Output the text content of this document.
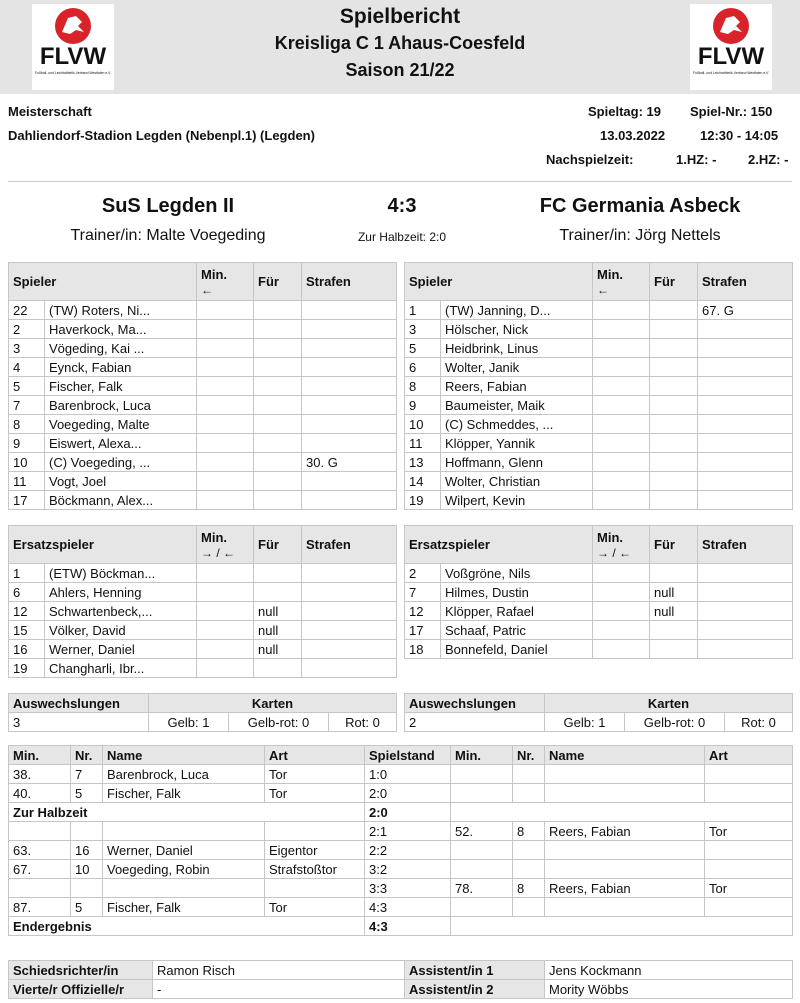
FLVW
Fußball- und Leichtathletik-Verband Westfalen e.V.
Spielbericht
Kreisliga C 1 Ahaus-Coesfeld
Saison 21/22	FLVW
Fußball- und Leichtathletik-Verband Westfalen e.V.
Meisterschaft
Dahliendorf-Stadion Legden (Nebenpl.1) (Legden)
Spieltag: 19 Spiel-Nr.: 150
13.03.2022	12:30 - 14:05
Nachspielzeit:	1.HZ: - 2.HZ: -
SuS Legden II	4:3	FC Germania Asbeck
Trainer/in: Malte Voegeding	Zur Halbzeit: 2:0	Trainer/in: Jörg Nettels
Spieler		Min.
←	Für	Strafen
22	(TW) Roters, Ni...			
2	Haverkock, Ma...			
3	Vögeding, Kai ...			
4	Eynck, Fabian			
5	Fischer, Falk			
7	Barenbrock, Luca			
8	Voegeding, Malte			
9	Eiswert, Alexa...			
10	(C) Voegeding, ...			30. G
11	Vogt, Joel			
17	Böckmann, Alex...			
Spieler		Min.
←	Für	Strafen
1	(TW) Janning, D...			67. G
3	Hölscher, Nick			
5	Heidbrink, Linus			
6	Wolter, Janik			
8	Reers, Fabian			
9	Baumeister, Maik			
10	(C) Schmeddes, ...			
11	Klöpper, Yannik			
13	Hoffmann, Glenn			
14	Wolter, Christian			
19	Wilpert, Kevin			
Ersatzspieler		Min.
→ / ←	Für	Strafen
1	(ETW) Böckman...			
6	Ahlers, Henning			
12	Schwartenbeck,...		null	
15	Völker, David		null	
16	Werner, Daniel		null	
19	Changharli, Ibr...			
Ersatzspieler		Min.
→ / ←	Für	Strafen
2	Voßgröne, Nils			
7	Hilmes, Dustin		null	
12	Klöpper, Rafael		null	
17	Schaaf, Patric			
18	Bonnefeld, Daniel			
Auswechslungen	Karten		
3	Gelb: 1	Gelb-rot: 0	Rot: 0
Auswechslungen	Karten		
2	Gelb: 1	Gelb-rot: 0	Rot: 0
Min.	Nr.	Name	Art	Spielstand	Min.	Nr.	Name	Art
38.	7	Barenbrock, Luca	Tor	1:0				
40.	5	Fischer, Falk	Tor	2:0				
Zur Halbzeit				2:0				
				2:1	52.	8	Reers, Fabian	Tor
63.	16	Werner, Daniel	Eigentor	2:2				
67.	10	Voegeding, Robin	Strafstoßtor	3:2				
				3:3	78.	8	Reers, Fabian	Tor
87.	5	Fischer, Falk	Tor	4:3				
Endergebnis				4:3				
Schiedsrichter/in	Ramon Risch	Assistent/in 1	Jens Kockmann
Vierte/r Offizielle/r	-	Assistent/in 2	Mority Wöbbs
